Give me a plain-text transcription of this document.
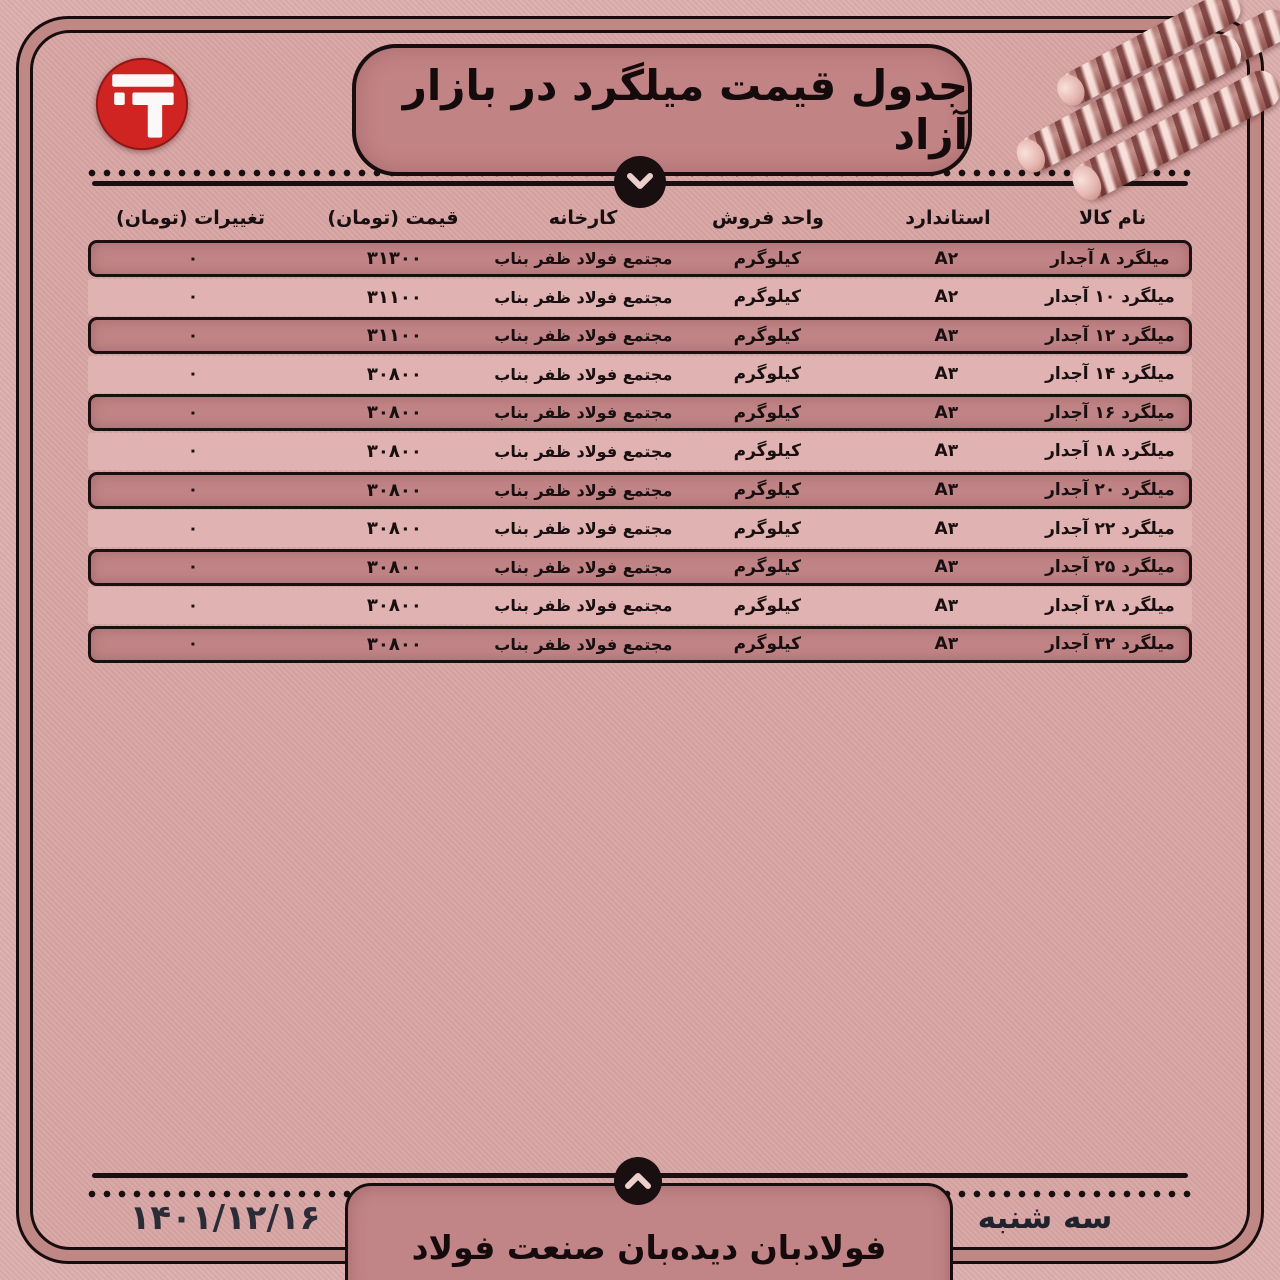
جدول قیمت میلگرد در بازار آزاد
نام کالا
استاندارد
واحد فروش
کارخانه
قیمت (تومان)
تغییرات (تومان)
میلگرد ۸ آجدار
A۲
کیلوگرم
مجتمع فولاد ظفر بناب
۳۱۳۰۰
۰
میلگرد ۱۰ آجدار
A۲
کیلوگرم
مجتمع فولاد ظفر بناب
۳۱۱۰۰
۰
میلگرد ۱۲ آجدار
A۳
کیلوگرم
مجتمع فولاد ظفر بناب
۳۱۱۰۰
۰
میلگرد ۱۴ آجدار
A۳
کیلوگرم
مجتمع فولاد ظفر بناب
۳۰۸۰۰
۰
میلگرد ۱۶ آجدار
A۳
کیلوگرم
مجتمع فولاد ظفر بناب
۳۰۸۰۰
۰
میلگرد ۱۸ آجدار
A۳
کیلوگرم
مجتمع فولاد ظفر بناب
۳۰۸۰۰
۰
میلگرد ۲۰ آجدار
A۳
کیلوگرم
مجتمع فولاد ظفر بناب
۳۰۸۰۰
۰
میلگرد ۲۲ آجدار
A۳
کیلوگرم
مجتمع فولاد ظفر بناب
۳۰۸۰۰
۰
میلگرد ۲۵ آجدار
A۳
کیلوگرم
مجتمع فولاد ظفر بناب
۳۰۸۰۰
۰
میلگرد ۲۸ آجدار
A۳
کیلوگرم
مجتمع فولاد ظفر بناب
۳۰۸۰۰
۰
میلگرد ۳۲ آجدار
A۳
کیلوگرم
مجتمع فولاد ظفر بناب
۳۰۸۰۰
۰
فولادبان دیده‌بان صنعت فولاد
۱۴۰۱/۱۲/۱۶	سه شنبه
